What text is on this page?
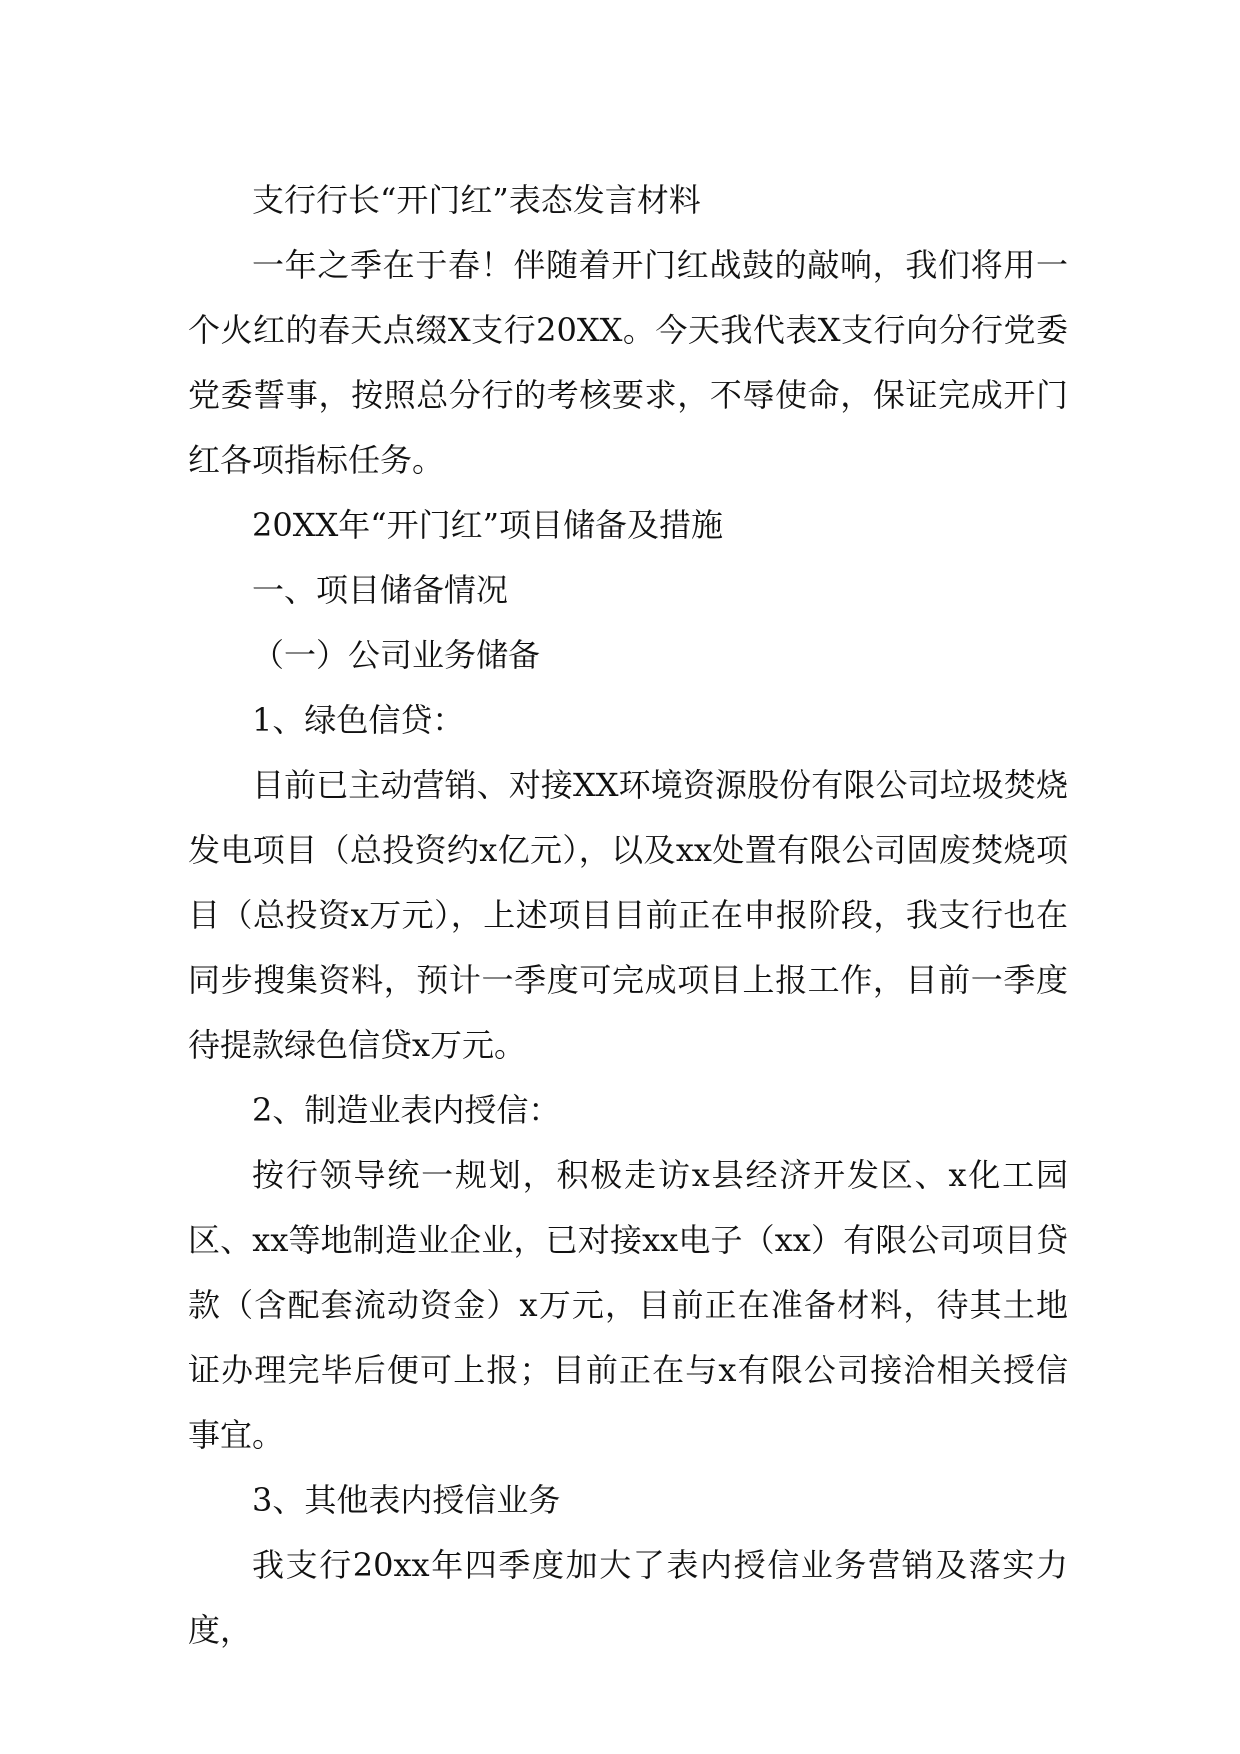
支行行长“开门红”表态发言材料

一年之季在于春！伴随着开门红战鼓的敲响，我们将用一个火红的春天点缀X支行20XX。今天我代表X支行向分行党委党委誓事，按照总分行的考核要求，不辱使命，保证完成开门红各项指标任务。

20XX年“开门红”项目储备及措施

一、项目储备情况

（一）公司业务储备

1、绿色信贷：

目前已主动营销、对接XX环境资源股份有限公司垃圾焚烧发电项目（总投资约x亿元），以及xx处置有限公司固废焚烧项目（总投资x万元），上述项目目前正在申报阶段，我支行也在同步搜集资料，预计一季度可完成项目上报工作，目前一季度待提款绿色信贷x万元。

2、制造业表内授信：

按行领导统一规划，积极走访x县经济开发区、x化工园区、xx等地制造业企业，已对接xx电子（xx）有限公司项目贷款（含配套流动资金）x万元，目前正在准备材料，待其土地证办理完毕后便可上报；目前正在与x有限公司接洽相关授信事宜。

3、其他表内授信业务

我支行20xx年四季度加大了表内授信业务营销及落实力度，
